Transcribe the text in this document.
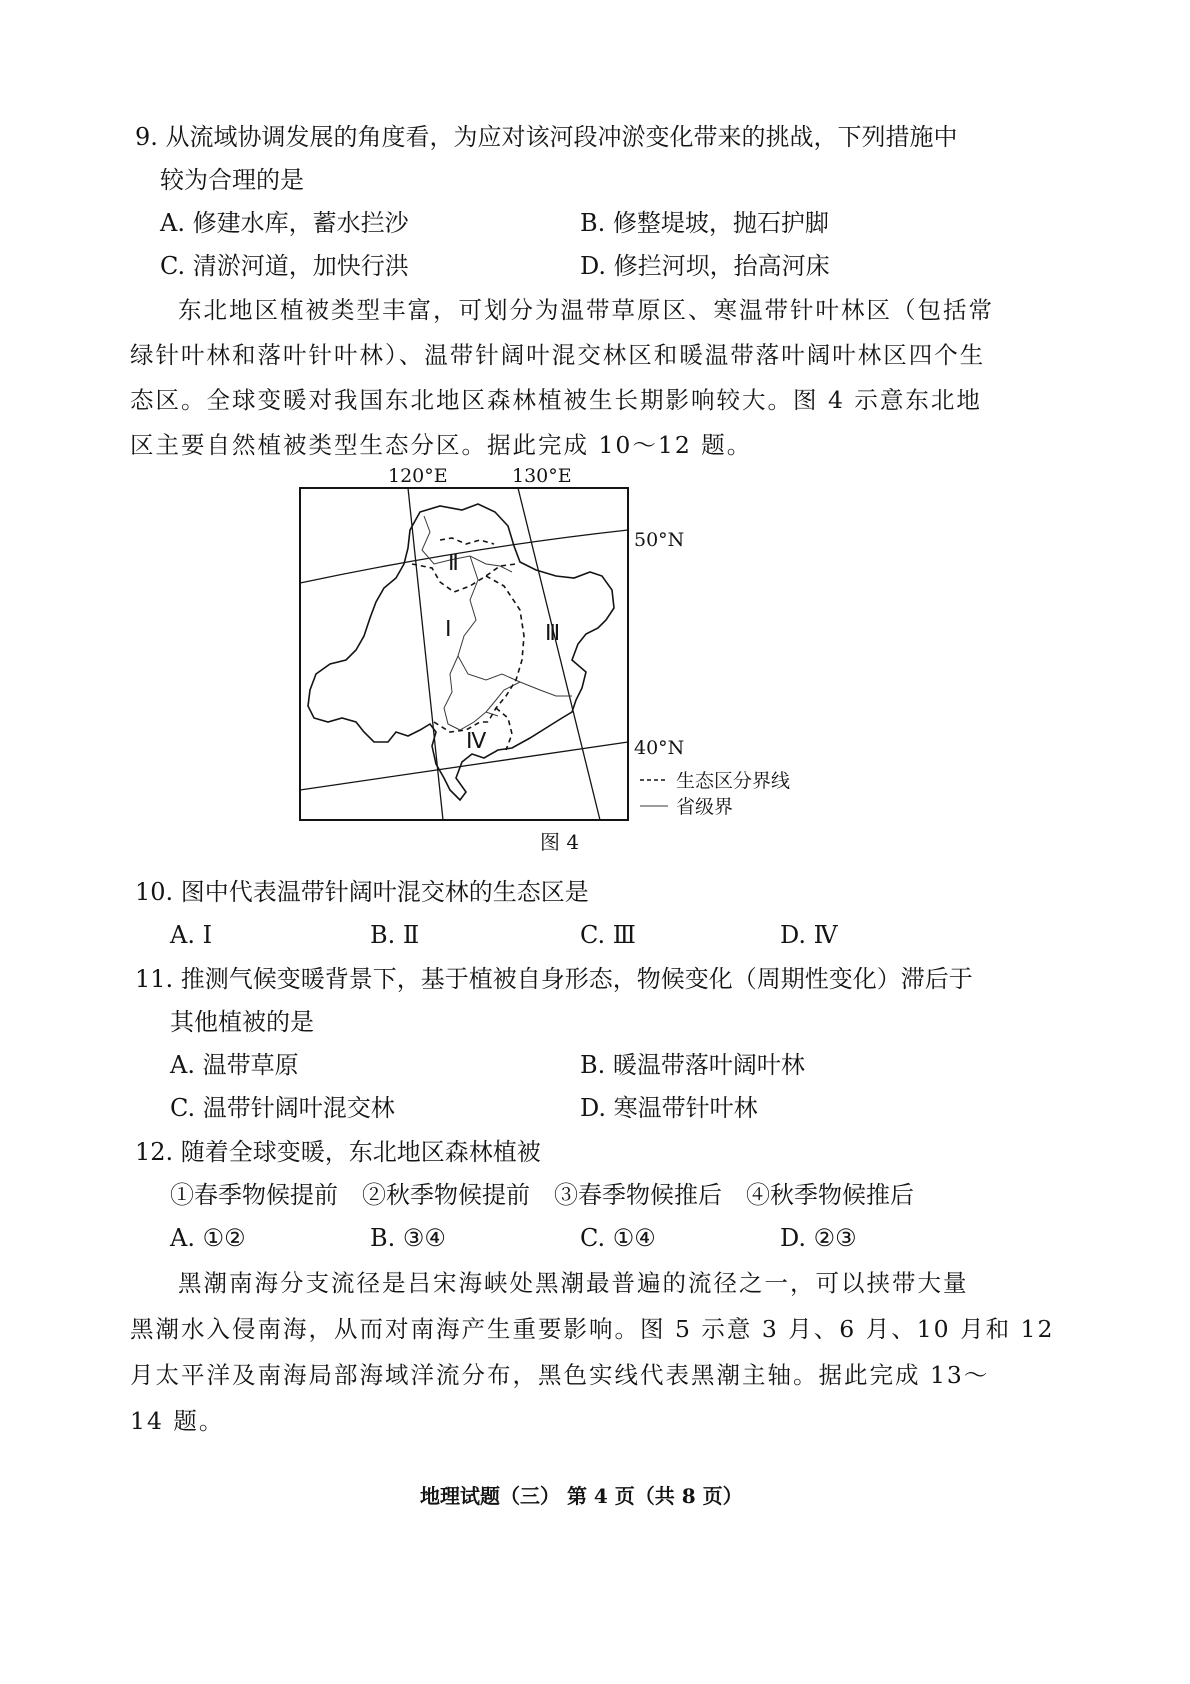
9. 从流域协调发展的角度看，为应对该河段冲淤变化带来的挑战，下列措施中
较为合理的是
A. 修建水库，蓄水拦沙	B. 修整堤坡，抛石护脚
C. 清淤河道，加快行洪	D. 修拦河坝，抬高河床
东北地区植被类型丰富，可划分为温带草原区、寒温带针叶林区（包括常
绿针叶林和落叶针叶林）、温带针阔叶混交林区和暖温带落叶阔叶林区四个生
态区。全球变暖对我国东北地区森林植被生长期影响较大。图 4 示意东北地
区主要自然植被类型生态分区。据此完成 10～12 题。
120°E	130°E
50°N
40°N
Ⅱ
Ⅰ	Ⅲ
Ⅳ
生态区分界线
省级界
图 4
10. 图中代表温带针阔叶混交林的生态区是
A. Ⅰ	B. Ⅱ	C. Ⅲ	D. Ⅳ
11. 推测气候变暖背景下，基于植被自身形态，物候变化（周期性变化）滞后于
其他植被的是
A. 温带草原	B. 暖温带落叶阔叶林
C. 温带针阔叶混交林	D. 寒温带针叶林
12. 随着全球变暖，东北地区森林植被
①春季物候提前　②秋季物候提前　③春季物候推后　④秋季物候推后
A. ①②	B. ③④	C. ①④	D. ②③
黑潮南海分支流径是吕宋海峡处黑潮最普遍的流径之一，可以挟带大量
黑潮水入侵南海，从而对南海产生重要影响。图 5 示意 3 月、6 月、10 月和 12
月太平洋及南海局部海域洋流分布，黑色实线代表黑潮主轴。据此完成 13～
14 题。
地理试题（三） 第 4 页（共 8 页）
